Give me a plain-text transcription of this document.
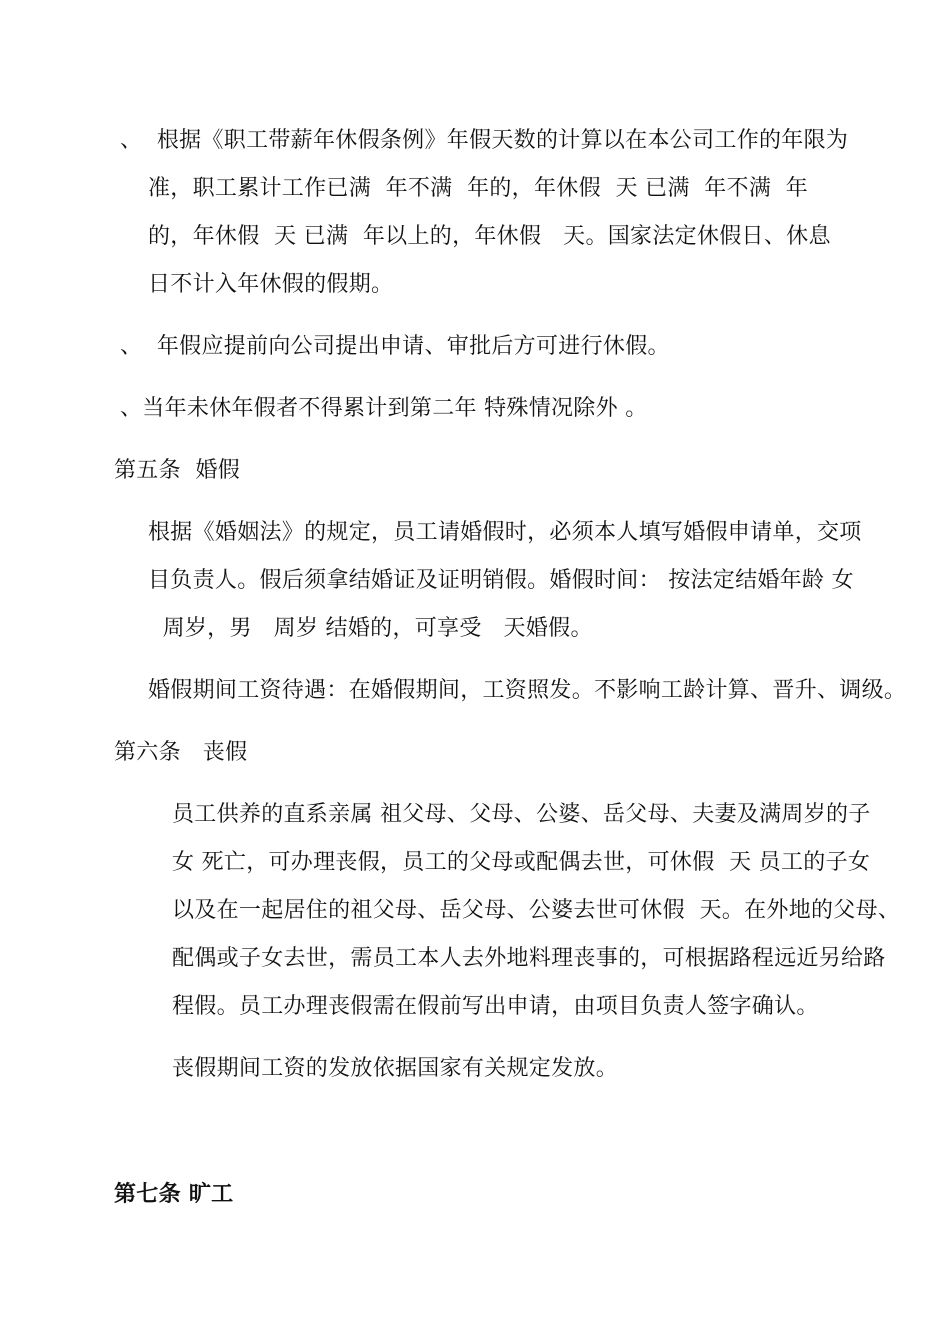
、  根据《职工带薪年休假条例》年假天数的计算以在本公司工作的年限为
准，职工累计工作已满  年不满  年的，年休假  天 已满  年不满  年
的，年休假  天 已满  年以上的，年休假   天。国家法定休假日、休息
日不计入年休假的假期。
、  年假应提前向公司提出申请、审批后方可进行休假。
、当年未休年假者不得累计到第二年 特殊情况除外 。
第五条  婚假
根据《婚姻法》的规定，员工请婚假时，必须本人填写婚假申请单，交项
目负责人。假后须拿结婚证及证明销假。婚假时间： 按法定结婚年龄 女
周岁，男   周岁 结婚的，可享受   天婚假。
婚假期间工资待遇：在婚假期间，工资照发。不影响工龄计算、晋升、调级。
第六条   丧假
员工供养的直系亲属 祖父母、父母、公婆、岳父母、夫妻及满周岁的子
女 死亡，可办理丧假，员工的父母或配偶去世，可休假  天 员工的子女
以及在一起居住的祖父母、岳父母、公婆去世可休假  天。在外地的父母、
配偶或子女去世，需员工本人去外地料理丧事的，可根据路程远近另给路
程假。员工办理丧假需在假前写出申请，由项目负责人签字确认。
丧假期间工资的发放依据国家有关规定发放。
第七条 旷工
